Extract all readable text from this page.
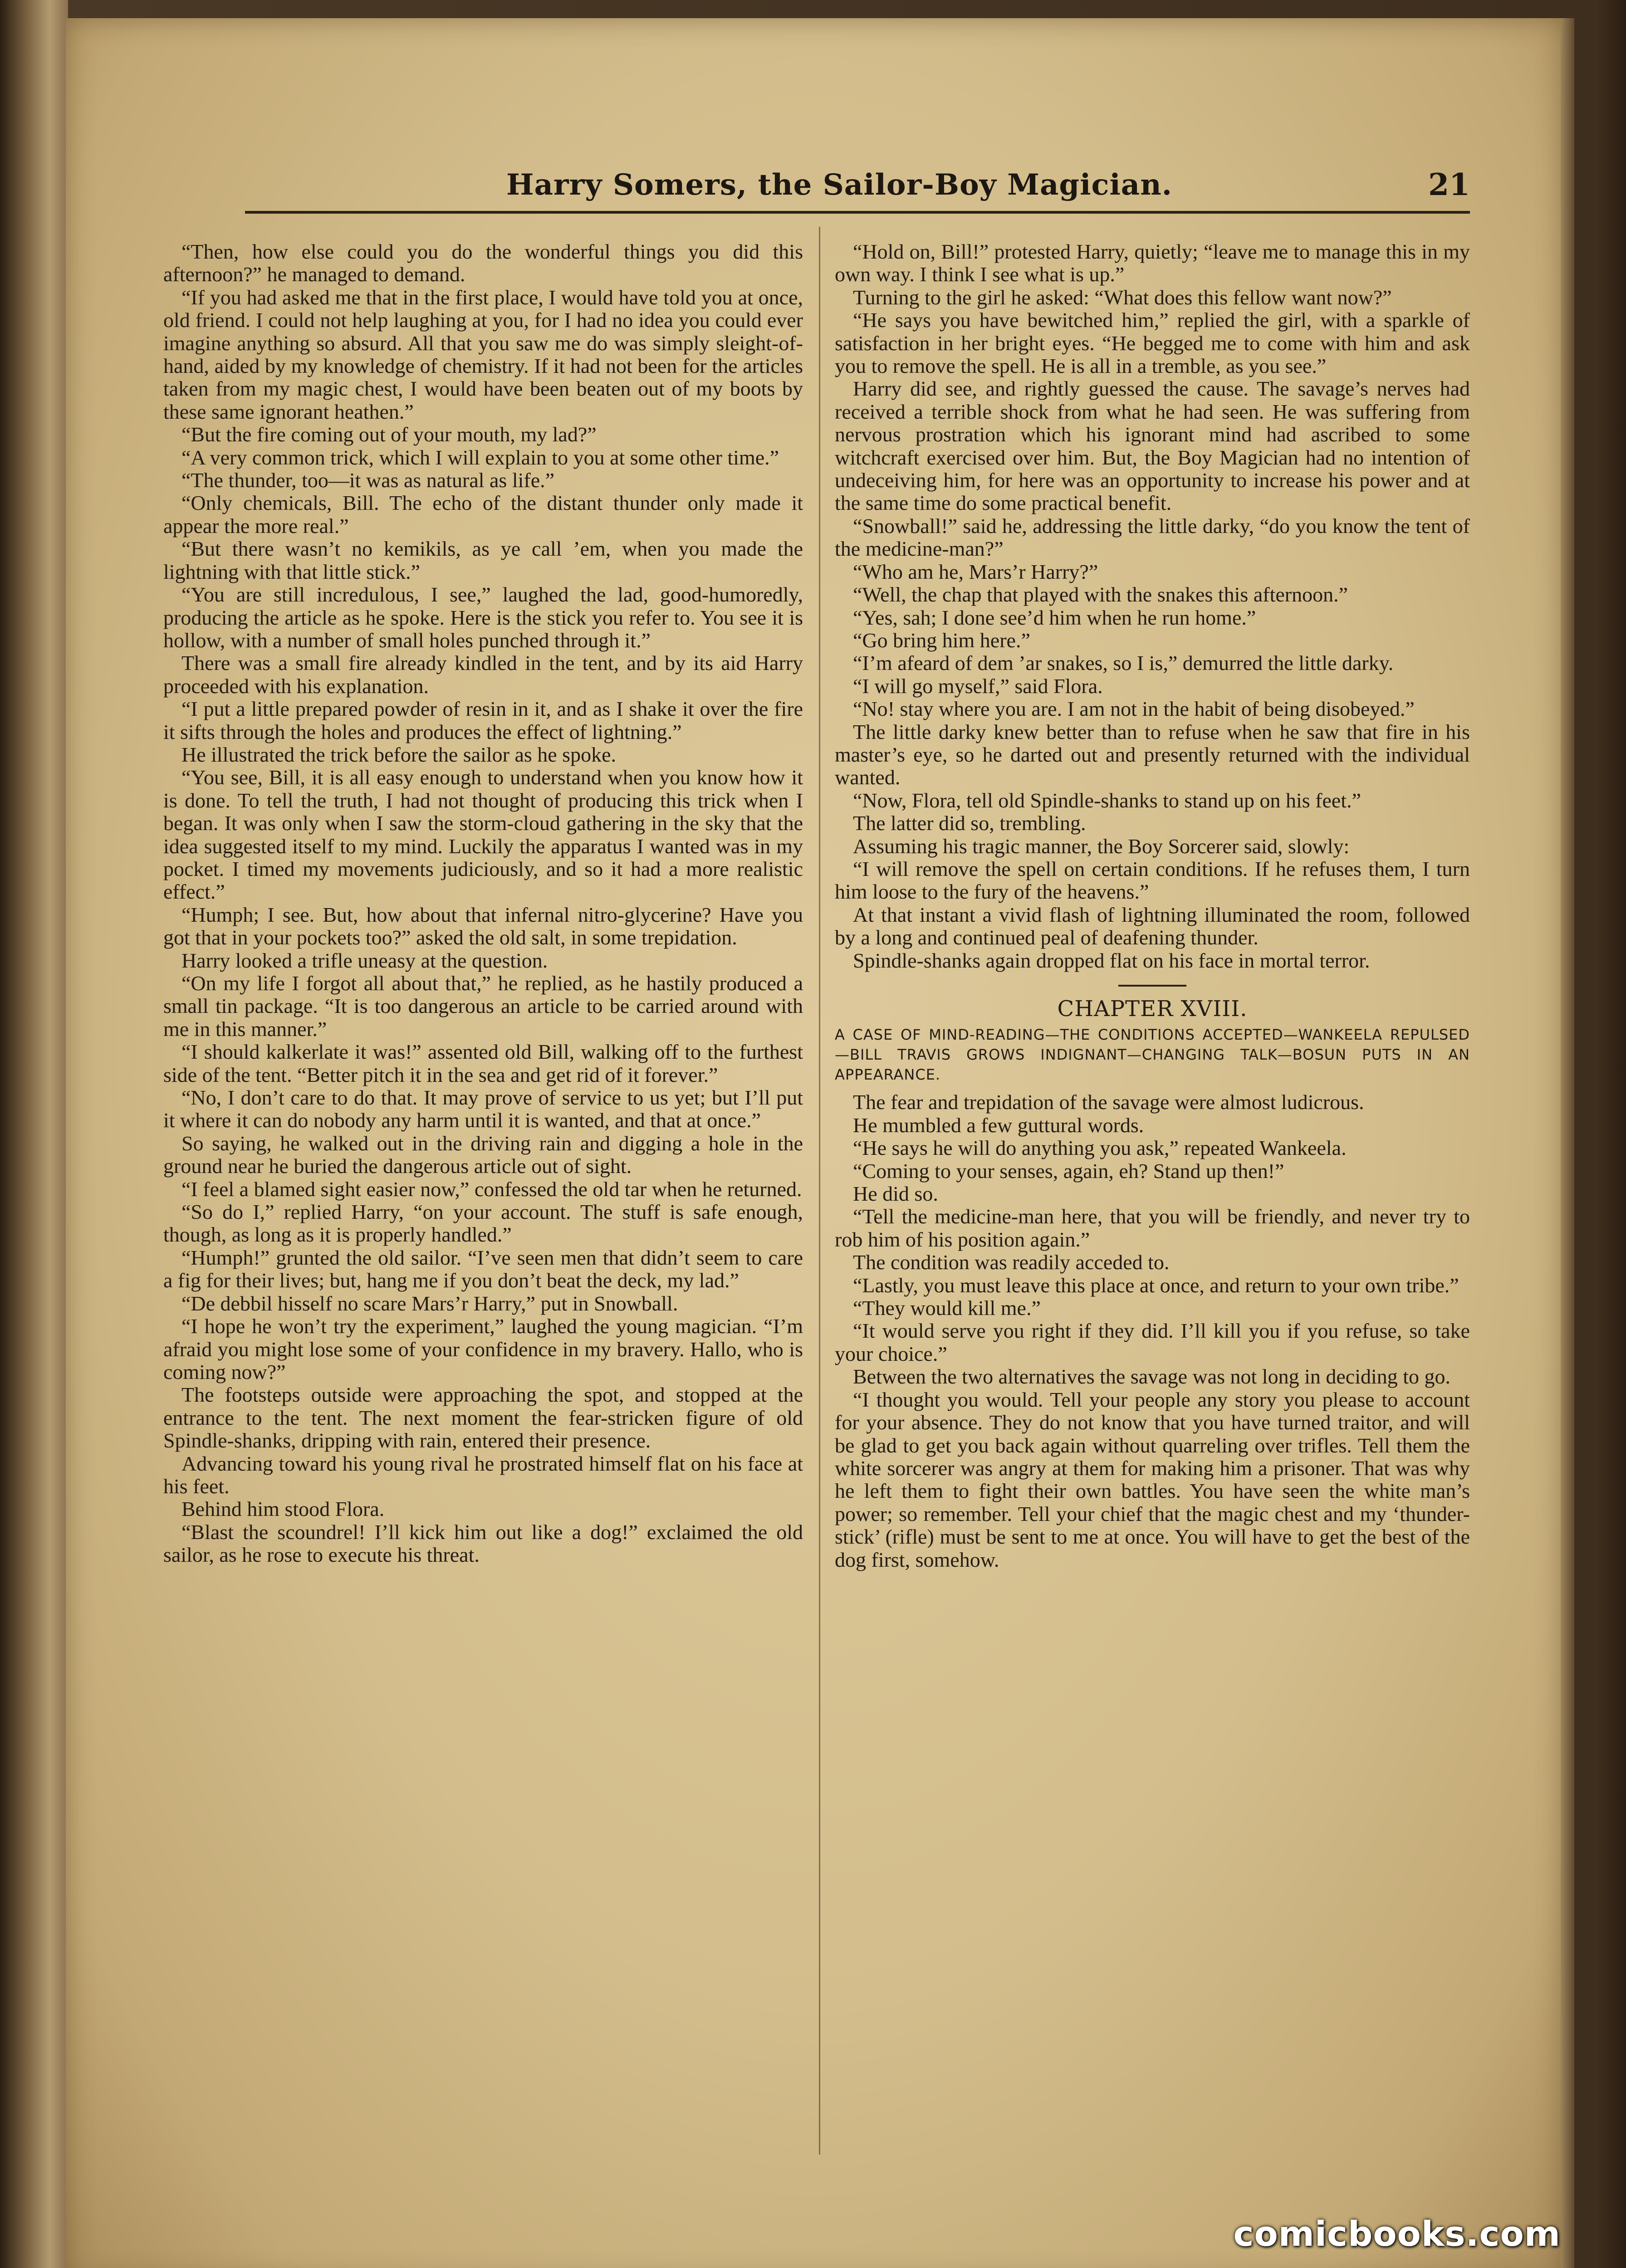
Harry Somers, the Sailor-Boy Magician.	21

“Then, how else could you do the wonderful things you did this afternoon?” he managed to demand.

“If you had asked me that in the first place, I would have told you at once, old friend. I could not help laughing at you, for I had no idea you could ever imagine anything so absurd. All that you saw me do was simply sleight-of-hand, aided by my knowledge of chemistry. If it had not been for the articles taken from my magic chest, I would have been beaten out of my boots by these same ignorant heathen.”

“But the fire coming out of your mouth, my lad?”

“A very common trick, which I will explain to you at some other time.”

“The thunder, too—it was as natural as life.”

“Only chemicals, Bill. The echo of the distant thunder only made it appear the more real.”

“But there wasn’t no kemikils, as ye call ’em, when you made the lightning with that little stick.”

“You are still incredulous, I see,” laughed the lad, good-humoredly, producing the article as he spoke. Here is the stick you refer to. You see it is hollow, with a number of small holes punched through it.”

There was a small fire already kindled in the tent, and by its aid Harry proceeded with his explanation.

“I put a little prepared powder of resin in it, and as I shake it over the fire it sifts through the holes and produces the effect of lightning.”

He illustrated the trick before the sailor as he spoke.

“You see, Bill, it is all easy enough to understand when you know how it is done. To tell the truth, I had not thought of producing this trick when I began. It was only when I saw the storm-cloud gathering in the sky that the idea suggested itself to my mind. Luckily the apparatus I wanted was in my pocket. I timed my movements judiciously, and so it had a more realistic effect.”

“Humph; I see. But, how about that infernal nitro-glycerine? Have you got that in your pockets too?” asked the old salt, in some trepidation.

Harry looked a trifle uneasy at the question.

“On my life I forgot all about that,” he replied, as he hastily produced a small tin package. “It is too dangerous an article to be carried around with me in this manner.”

“I should kalkerlate it was!” assented old Bill, walking off to the furthest side of the tent. “Better pitch it in the sea and get rid of it forever.”

“No, I don’t care to do that. It may prove of service to us yet; but I’ll put it where it can do nobody any harm until it is wanted, and that at once.”

So saying, he walked out in the driving rain and digging a hole in the ground near he buried the dangerous article out of sight.

“I feel a blamed sight easier now,” confessed the old tar when he returned.

“So do I,” replied Harry, “on your account. The stuff is safe enough, though, as long as it is properly handled.”

“Humph!” grunted the old sailor. “I’ve seen men that didn’t seem to care a fig for their lives; but, hang me if you don’t beat the deck, my lad.”

“De debbil hisself no scare Mars’r Harry,” put in Snowball.

“I hope he won’t try the experiment,” laughed the young magician. “I’m afraid you might lose some of your confidence in my bravery. Hallo, who is coming now?”

The footsteps outside were approaching the spot, and stopped at the entrance to the tent. The next moment the fear-stricken figure of old Spindle-shanks, dripping with rain, entered their presence.

Advancing toward his young rival he prostrated himself flat on his face at his feet.

Behind him stood Flora.

“Blast the scoundrel! I’ll kick him out like a dog!” exclaimed the old sailor, as he rose to execute his threat.

“Hold on, Bill!” protested Harry, quietly; “leave me to manage this in my own way. I think I see what is up.”

Turning to the girl he asked: “What does this fellow want now?”

“He says you have bewitched him,” replied the girl, with a sparkle of satisfaction in her bright eyes. “He begged me to come with him and ask you to remove the spell. He is all in a tremble, as you see.”

Harry did see, and rightly guessed the cause. The savage’s nerves had received a terrible shock from what he had seen. He was suffering from nervous prostration which his ignorant mind had ascribed to some witchcraft exercised over him. But, the Boy Magician had no intention of undeceiving him, for here was an opportunity to increase his power and at the same time do some practical benefit.

“Snowball!” said he, addressing the little darky, “do you know the tent of the medicine-man?”

“Who am he, Mars’r Harry?”

“Well, the chap that played with the snakes this afternoon.”

“Yes, sah; I done see’d him when he run home.”

“Go bring him here.”

“I’m afeard of dem ’ar snakes, so I is,” demurred the little darky.

“I will go myself,” said Flora.

“No! stay where you are. I am not in the habit of being disobeyed.”

The little darky knew better than to refuse when he saw that fire in his master’s eye, so he darted out and presently returned with the individual wanted.

“Now, Flora, tell old Spindle-shanks to stand up on his feet.”

The latter did so, trembling.

Assuming his tragic manner, the Boy Sorcerer said, slowly:

“I will remove the spell on certain conditions. If he refuses them, I turn him loose to the fury of the heavens.”

At that instant a vivid flash of lightning illuminated the room, followed by a long and continued peal of deafening thunder.

Spindle-shanks again dropped flat on his face in mortal terror.

CHAPTER XVIII.

A CASE OF MIND-READING—THE CONDITIONS ACCEPTED—WANKEELA REPULSED—BILL TRAVIS GROWS INDIGNANT—CHANGING TALK—BOSUN PUTS IN AN APPEARANCE.

The fear and trepidation of the savage were almost ludicrous.

He mumbled a few guttural words.

“He says he will do anything you ask,” repeated Wankeela.

“Coming to your senses, again, eh? Stand up then!”

He did so.

“Tell the medicine-man here, that you will be friendly, and never try to rob him of his position again.”

The condition was readily acceded to.

“Lastly, you must leave this place at once, and return to your own tribe.”

“They would kill me.”

“It would serve you right if they did. I’ll kill you if you refuse, so take your choice.”

Between the two alternatives the savage was not long in deciding to go.

“I thought you would. Tell your people any story you please to account for your absence. They do not know that you have turned traitor, and will be glad to get you back again without quarreling over trifles. Tell them the white sorcerer was angry at them for making him a prisoner. That was why he left them to fight their own battles. You have seen the white man’s power; so remember. Tell your chief that the magic chest and my ‘thunder-stick’ (rifle) must be sent to me at once. You will have to get the best of the dog first, somehow.

comicbooks.com
